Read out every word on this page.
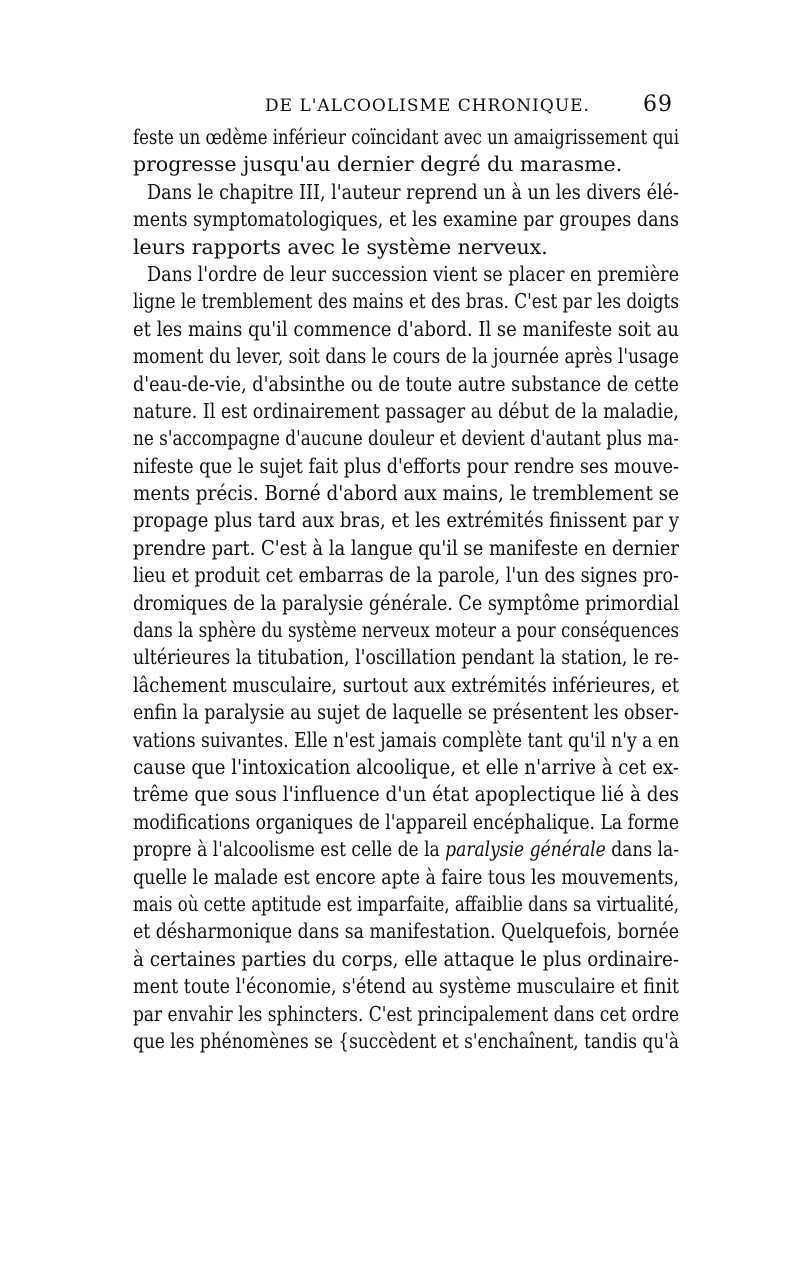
DE L'ALCOOLISME CHRONIQUE. 69
feste un œdème inférieur coïncidant avec un amaigrissement qui
progresse jusqu'au dernier degré du marasme.
Dans le chapitre III, l'auteur reprend un à un les divers élé-
ments symptomatologiques, et les examine par groupes dans
leurs rapports avec le système nerveux.
Dans l'ordre de leur succession vient se placer en première
ligne le tremblement des mains et des bras. C'est par les doigts
et les mains qu'il commence d'abord. Il se manifeste soit au
moment du lever, soit dans le cours de la journée après l'usage
d'eau-de-vie, d'absinthe ou de toute autre substance de cette
nature. Il est ordinairement passager au début de la maladie,
ne s'accompagne d'aucune douleur et devient d'autant plus ma-
nifeste que le sujet fait plus d'efforts pour rendre ses mouve-
ments précis. Borné d'abord aux mains, le tremblement se
propage plus tard aux bras, et les extrémités finissent par y
prendre part. C'est à la langue qu'il se manifeste en dernier
lieu et produit cet embarras de la parole, l'un des signes pro-
dromiques de la paralysie générale. Ce symptôme primordial
dans la sphère du système nerveux moteur a pour conséquences
ultérieures la titubation, l'oscillation pendant la station, le re-
lâchement musculaire, surtout aux extrémités inférieures, et
enfin la paralysie au sujet de laquelle se présentent les obser-
vations suivantes. Elle n'est jamais complète tant qu'il n'y a en
cause que l'intoxication alcoolique, et elle n'arrive à cet ex-
trême que sous l'influence d'un état apoplectique lié à des
modifications organiques de l'appareil encéphalique. La forme
propre à l'alcoolisme est celle de la paralysie générale dans la-
quelle le malade est encore apte à faire tous les mouvements,
mais où cette aptitude est imparfaite, affaiblie dans sa virtualité,
et désharmonique dans sa manifestation. Quelquefois, bornée
à certaines parties du corps, elle attaque le plus ordinaire-
ment toute l'économie, s'étend au système musculaire et finit
par envahir les sphincters. C'est principalement dans cet ordre
que les phénomènes se {succèdent et s'enchaînent, tandis qu'à
